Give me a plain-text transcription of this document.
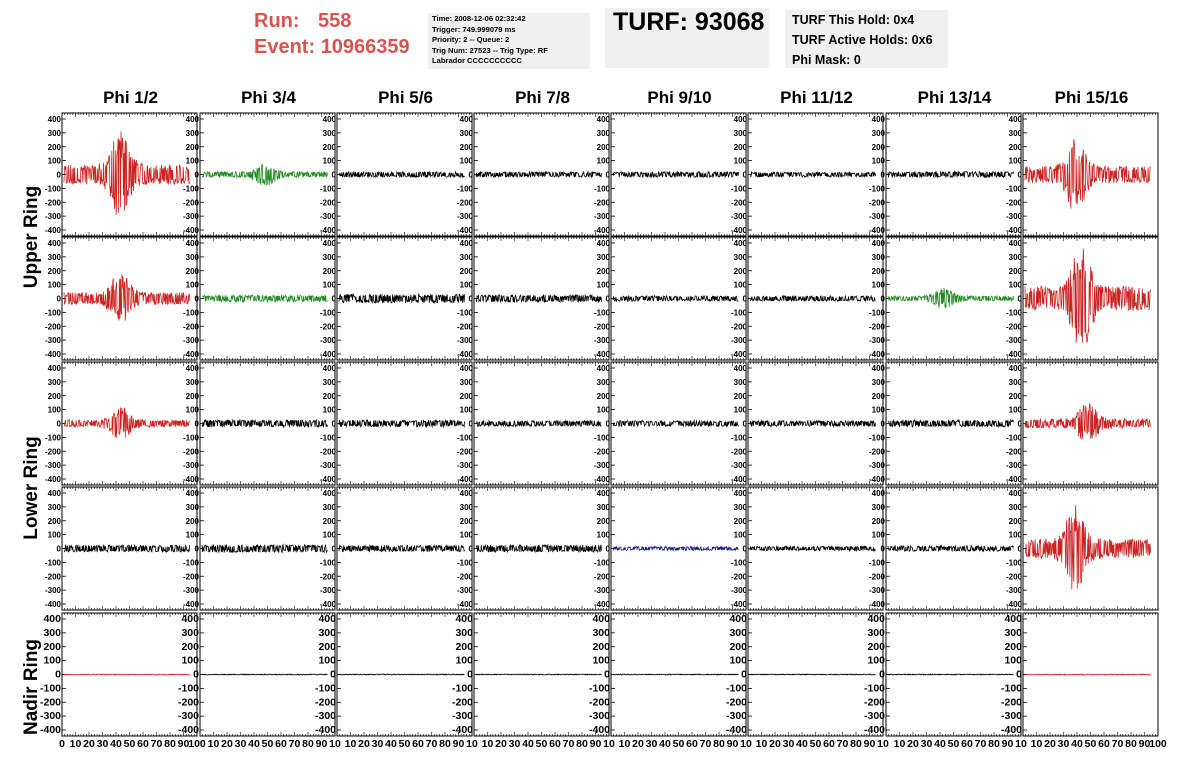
Run: 558
Event: 10966359
Time: 2008-12-06 02:32:42
Trigger: 749.999079 ms
Priority: 2 -- Queue: 2
Trig Num: 27523 -- Trig Type: RF
Labrador CCCCCCCCCC
TURF: 93068 TURF This Hold: 0x4
TURF Active Holds: 0x6
Phi Mask: 0
Phi 1/2	Phi 3/4	Phi 5/6	Phi 7/8	Phi 9/10	Phi 11/12	Phi 13/14	Phi 15/16
Upper Ring
Lower Ring
Nadir Ring
400
300
200
100
0
-100
-200
-300
-400
400
300
200
100
0
-100
-200
-300
-400
400
300
200
100
0
-100
-200
-300
-400
400
300
200
100
0
-100
-200
-300
-400
400
300
200
100
0
-100
-200
-300
-400
400
300
200
100
0
-100
-200
-300
-400
400
300
200
100
0
-100
-200
-300
-400
400
300
200
100
0
-100
-200
-300
-400
400
300
200
100
0
-100
-200
-300
-400
400
300
200
100
0
-100
-200
-300
-400
400
300
200
100
0
-100
-200
-300
-400
400
300
200
100
0
-100
-200
-300
-400
400
300
200
100
0
-100
-200
-300
-400
400
300
200
100
0
-100
-200
-300
-400
400
300
200
100
0
-100
-200
-300
-400
400
300
200
100
0
-100
-200
-300
-400
400
300
200
100
0
-100
-200
-300
-400
400
300
200
100
0
-100
-200
-300
-400
400
300
200
100
0
-100
-200
-300
-400
400
300
200
100
0
-100
-200
-300
-400
400
300
200
100
0
-100
-200
-300
-400
400
300
200
100
0
-100
-200
-300
-400
400
300
200
100
0
-100
-200
-300
-400
400
300
200
100
0
-100
-200
-300
-400
400
300
200
100
0
-100
-200
-300
-400
400
300
200
100
0
-100
-200
-300
-400
400
300
200
100
0
-100
-200
-300
-400
400
300
200
100
0
-100
-200
-300
-400
400
300
200
100
0
-100
-200
-300
-400
400
300
200
100
0
-100
-200
-300
-400
400
300
200
100
0
-100
-200
-300
-400
400
300
200
100
0
-100
-200
-300
-400
400
300
200
100
0
-100
-200
-300
-400
400
300
200
100
0
-100
-200
-300
-400
400
300
200
100
0
-100
-200
-300
-400
400
300
200
100
0
-100
-200
-300
-400
400
300
200
100
0
-100
-200
-300
-400
400
300
200
100
0
-100
-200
-300
-400
400
300
200
100
0
-100
-200
-300
-400
400
300
200
100
0
-100
-200
-300
-400
0 10 20 30 40 50 60 70 80 90
100 10 20 30 40 50 60 70 80 90 10 10 20 30 40 50 60 70 80 90 10 10 20 30 40 50 60 70 80 90 10 10 20 30 40 50 60 70 80 90 10 10 20 30 40 50 60 70 80 90 10 10 20 30 40 50 60 70 80 90 10 10 20 30 40 50 60 70 80 90
100
